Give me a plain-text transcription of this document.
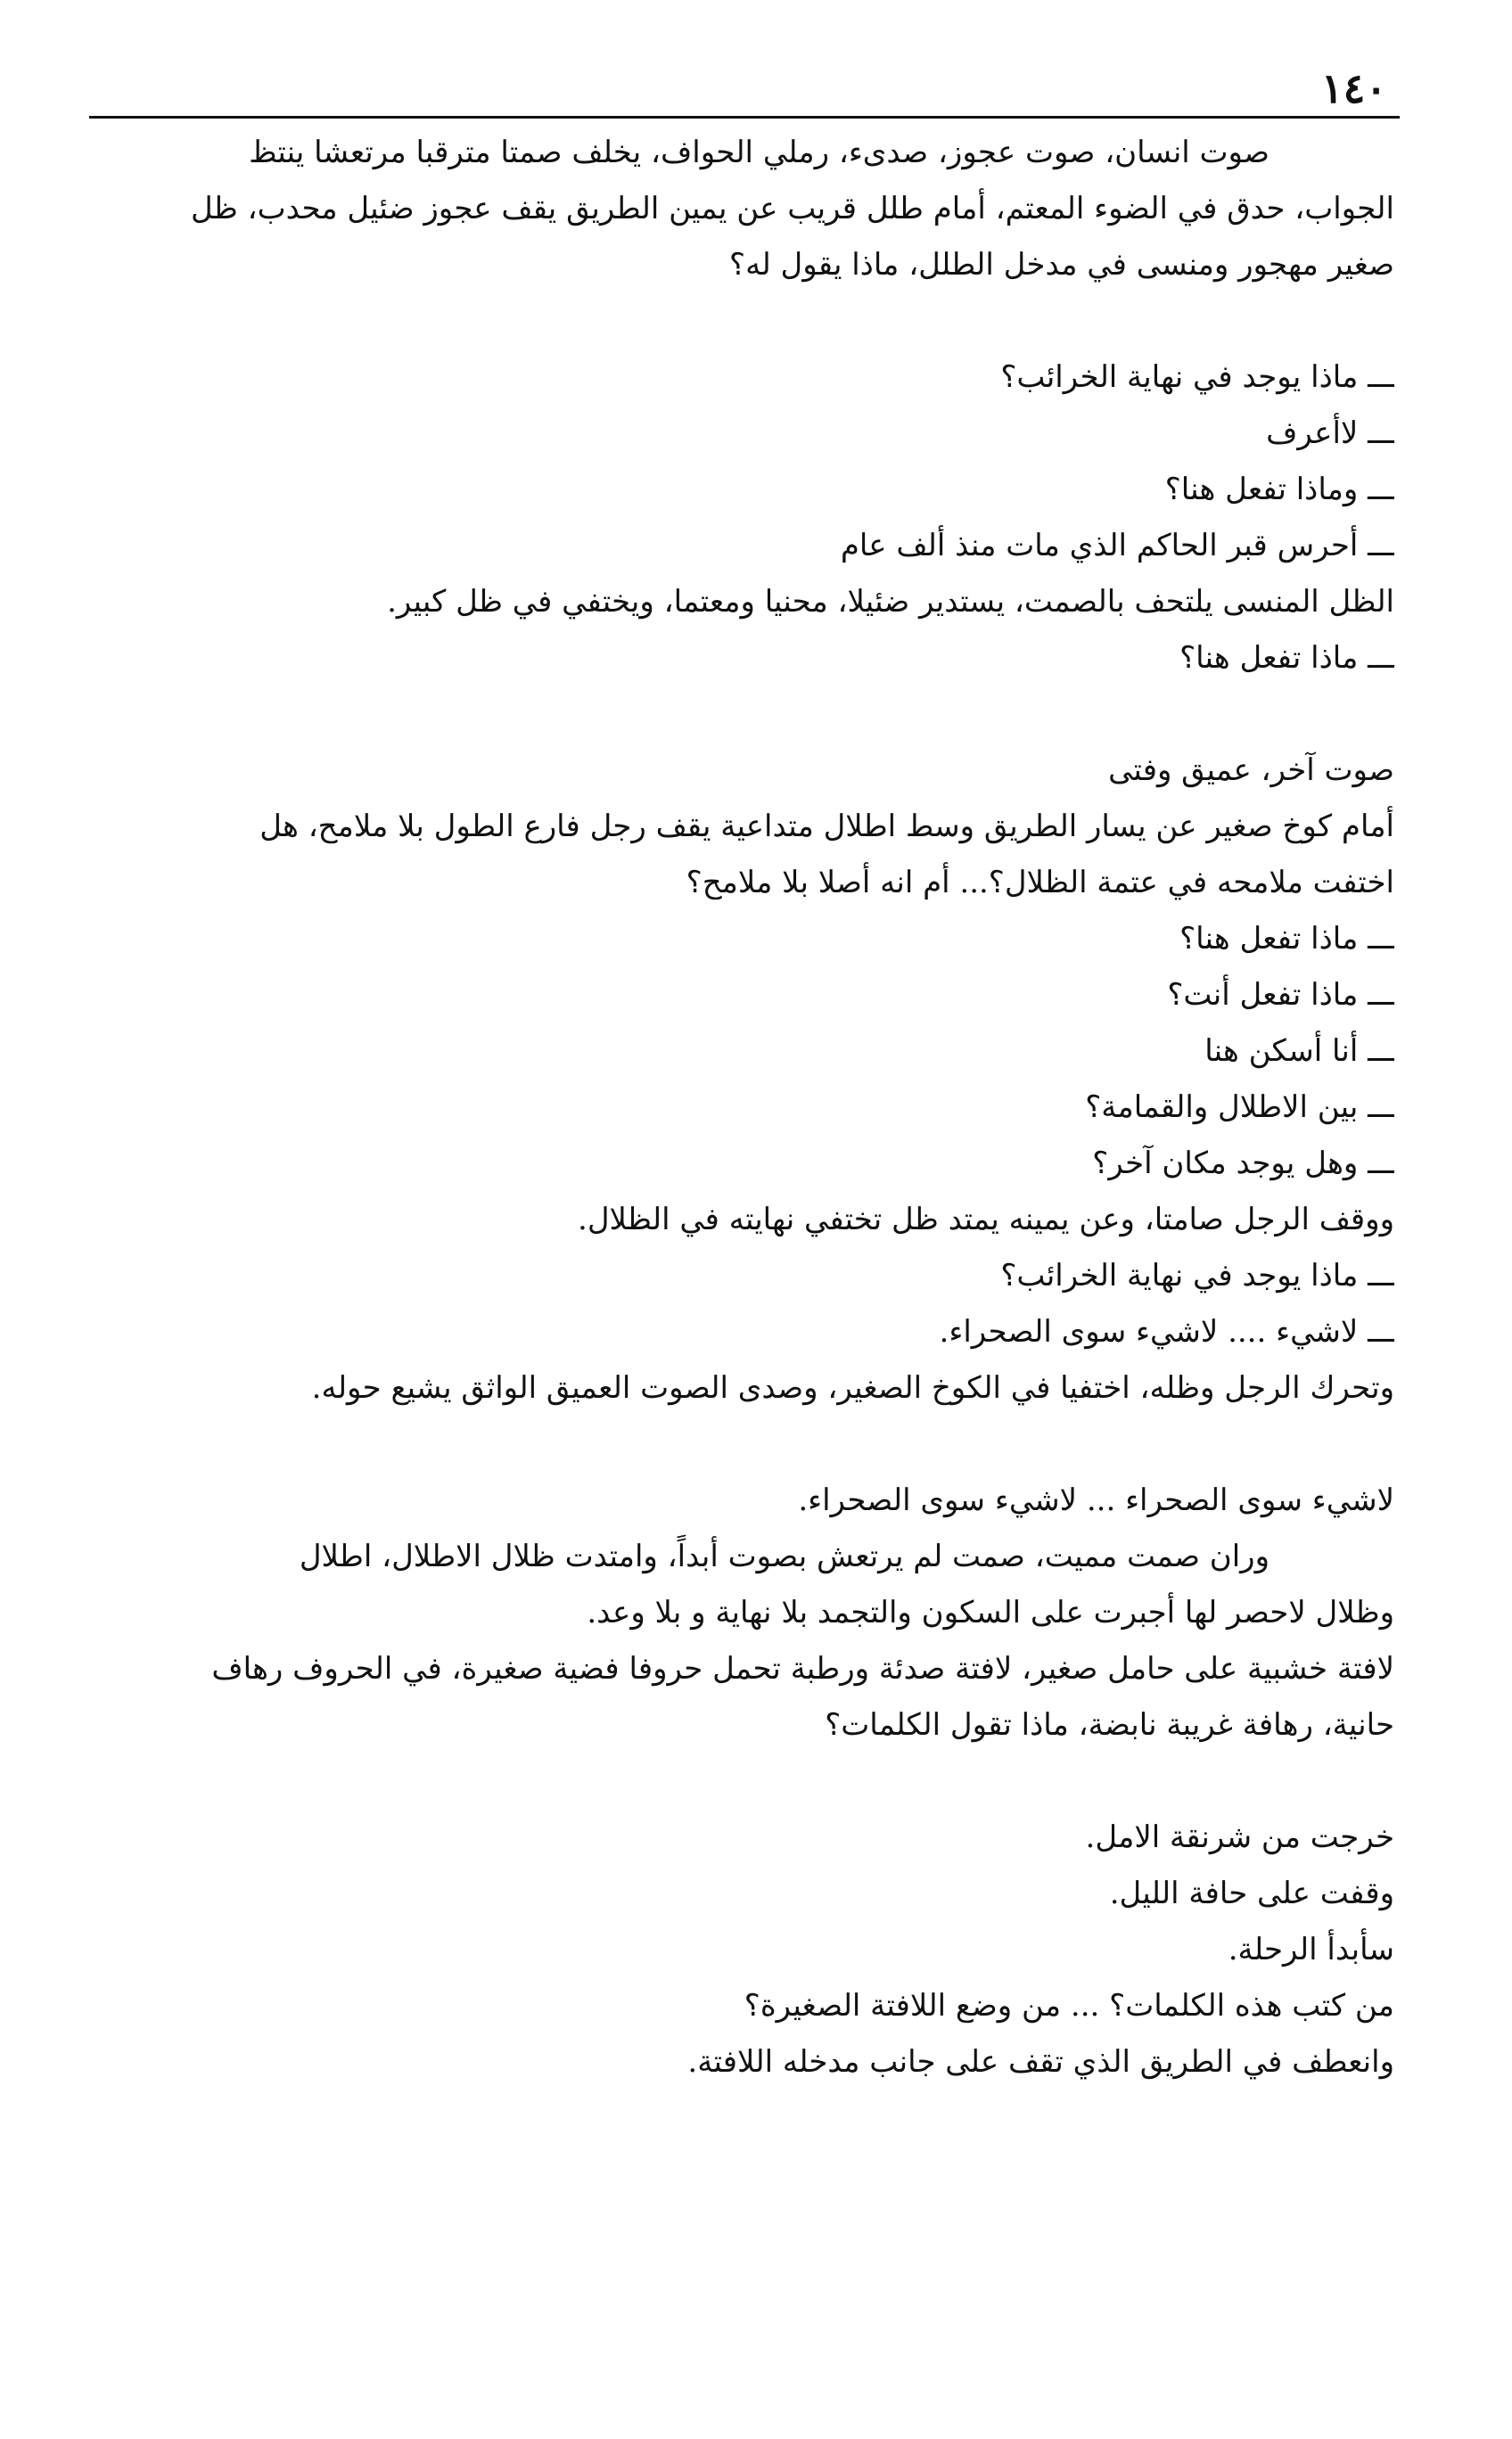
١٤٠
صوت انسان، صوت عجوز، صدىء، رملي الحواف، يخلف صمتا مترقبا مرتعشا ينتظ
الجواب، حدق في الضوء المعتم، أمام طلل قريب عن يمين الطريق يقف عجوز ضئيل محدب، ظل
صغير مهجور ومنسى في مدخل الطلل، ماذا يقول له؟
ـــ ماذا يوجد في نهاية الخرائب؟
ـــ لاأعرف
ـــ وماذا تفعل هنا؟
ـــ أحرس قبر الحاكم الذي مات منذ ألف عام
الظل المنسى يلتحف بالصمت، يستدير ضئيلا، محنيا ومعتما، ويختفي في ظل كبير.
ـــ ماذا تفعل هنا؟
صوت آخر، عميق وفتى
أمام كوخ صغير عن يسار الطريق وسط اطلال متداعية يقف رجل فارع الطول بلا ملامح، هل
اختفت ملامحه في عتمة الظلال؟... أم انه أصلا بلا ملامح؟
ـــ ماذا تفعل هنا؟
ـــ ماذا تفعل أنت؟
ـــ أنا أسكن هنا
ـــ بين الاطلال والقمامة؟
ـــ وهل يوجد مكان آخر؟
ووقف الرجل صامتا، وعن يمينه يمتد ظل تختفي نهايته في الظلال.
ـــ ماذا يوجد في نهاية الخرائب؟
ـــ لاشيء .... لاشيء سوى الصحراء.
وتحرك الرجل وظله، اختفيا في الكوخ الصغير، وصدى الصوت العميق الواثق يشيع حوله.
لاشيء سوى الصحراء ... لاشيء سوى الصحراء.
وران صمت مميت، صمت لم يرتعش بصوت أبداً، وامتدت ظلال الاطلال، اطلال
وظلال لاحصر لها أجبرت على السكون والتجمد بلا نهاية و بلا وعد.
لافتة خشبية على حامل صغير، لافتة صدئة ورطبة تحمل حروفا فضية صغيرة، في الحروف رهاف
حانية، رهافة غريبة نابضة، ماذا تقول الكلمات؟
خرجت من شرنقة الامل.
وقفت على حافة الليل.
سأبدأ الرحلة.
من كتب هذه الكلمات؟ ... من وضع اللافتة الصغيرة؟
وانعطف في الطريق الذي تقف على جانب مدخله اللافتة.
